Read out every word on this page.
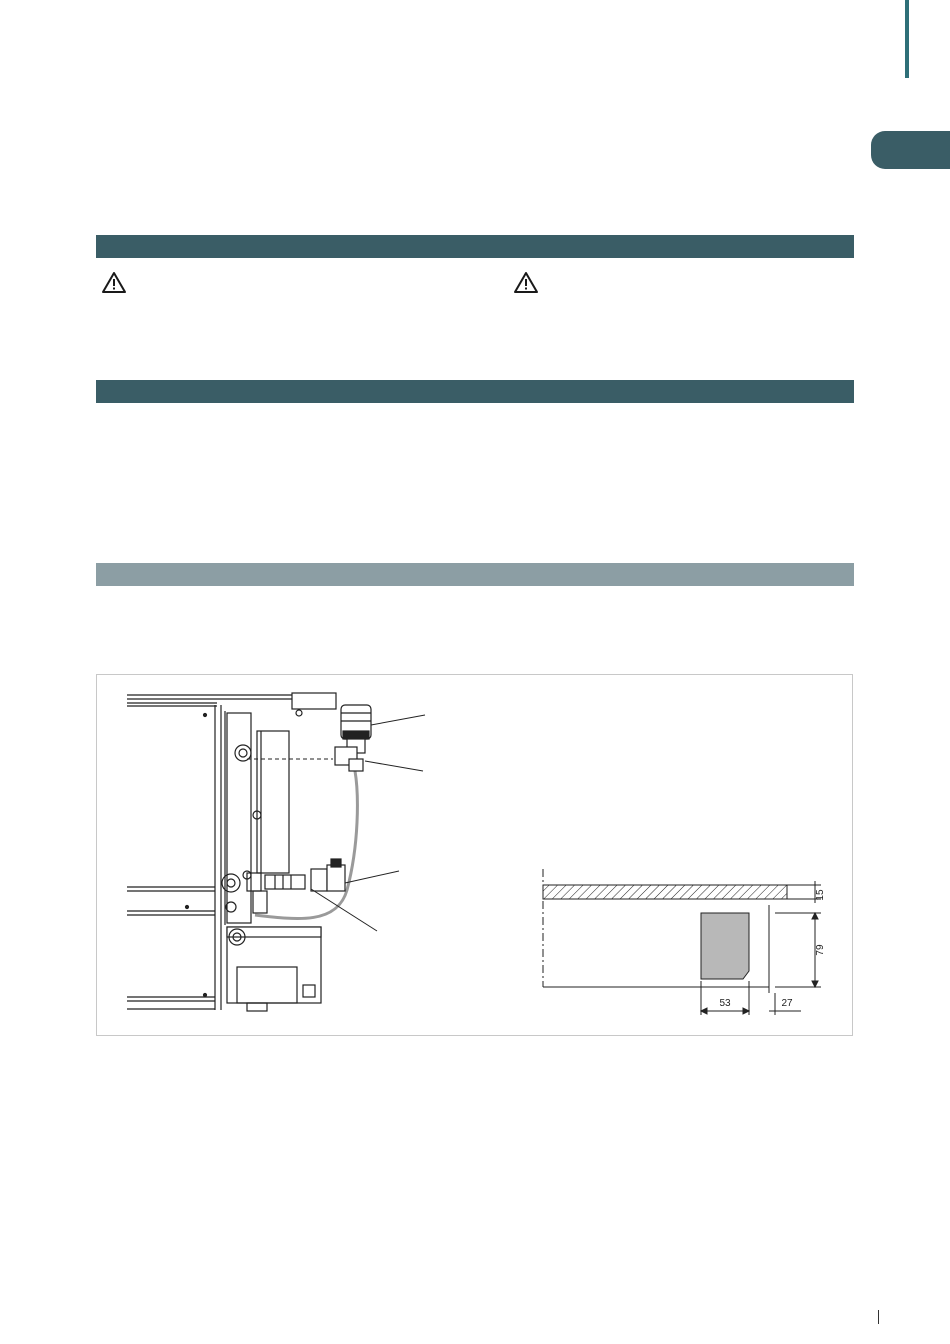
15
79
53	27
